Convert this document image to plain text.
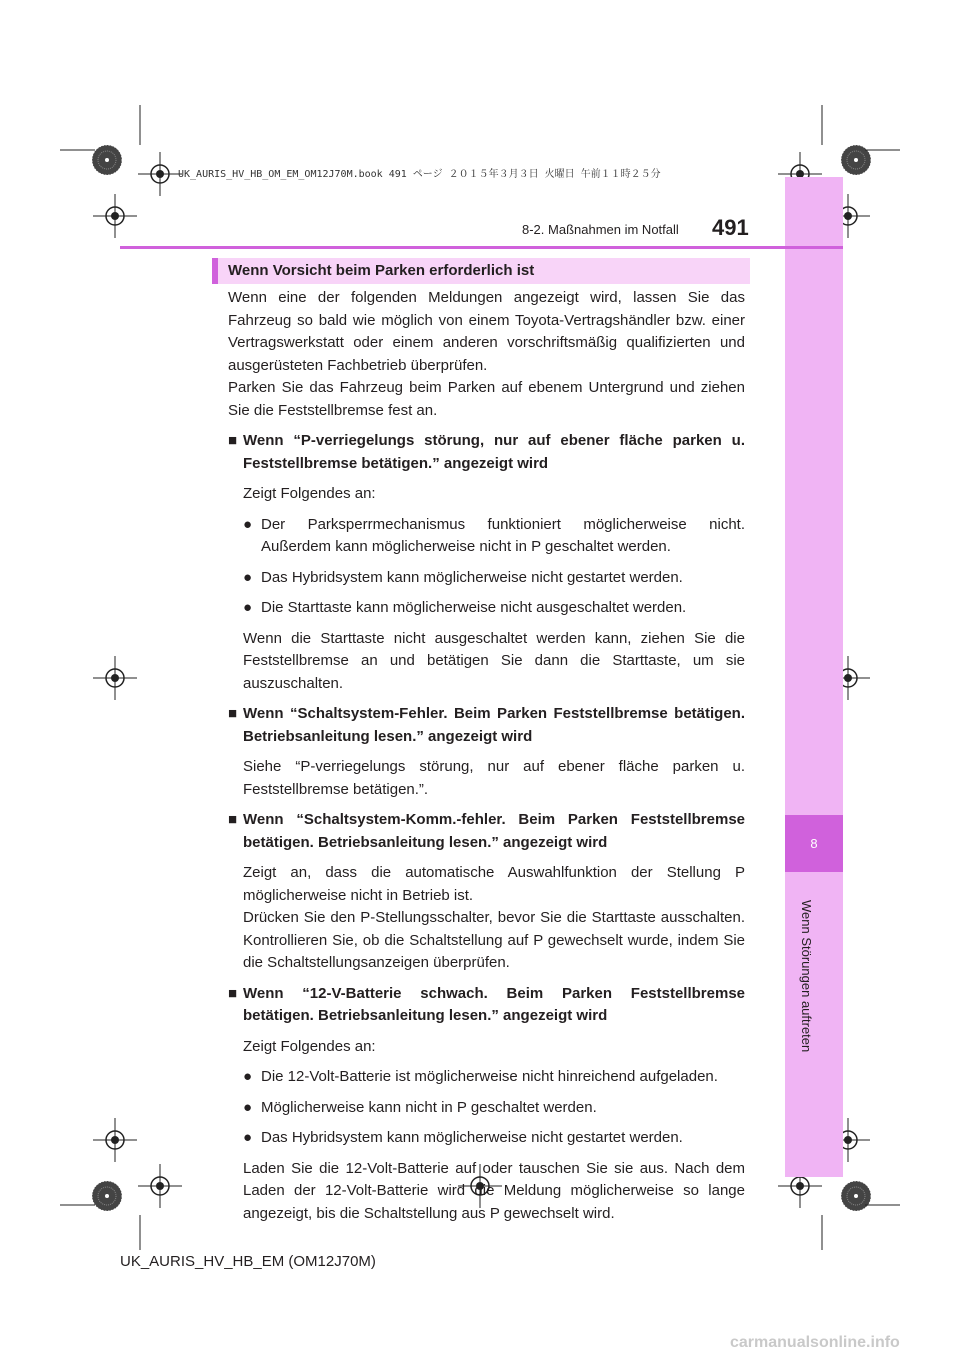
UK_AURIS_HV_HB_OM_EM_OM12J70M.book 491 ページ ２０１５年３月３日 火曜日 午前１１時２５分
8
Wenn Störungen auftreten
8-2. Maßnahmen im Notfall 491
Wenn Vorsicht beim Parken erforderlich ist

Wenn eine der folgenden Meldungen angezeigt wird, lassen Sie das Fahrzeug so bald wie möglich von einem Toyota-Vertragshändler bzw. einer Vertragswerkstatt oder einem anderen vorschriftsmäßig qualifizierten und ausgerüsteten Fachbetrieb überprüfen.

Parken Sie das Fahrzeug beim Parken auf ebenem Untergrund und ziehen Sie die Feststellbremse fest an.

■ Wenn “P-verriegelungs störung, nur auf ebener fläche parken u. Feststellbremse betätigen.” angezeigt wird

Zeigt Folgendes an:

● Der Parksperrmechanismus funktioniert möglicherweise nicht. Außerdem kann möglicherweise nicht in P geschaltet werden.

● Das Hybridsystem kann möglicherweise nicht gestartet werden.

● Die Starttaste kann möglicherweise nicht ausgeschaltet werden.

Wenn die Starttaste nicht ausgeschaltet werden kann, ziehen Sie die Feststellbremse an und betätigen Sie dann die Starttaste, um sie auszuschalten.

■ Wenn “Schaltsystem-Fehler. Beim Parken Feststellbremse betätigen. Betriebsanleitung lesen.” angezeigt wird

Siehe “P-verriegelungs störung, nur auf ebener fläche parken u. Feststellbremse betätigen.”.

■ Wenn “Schaltsystem-Komm.-fehler. Beim Parken Feststellbremse betätigen. Betriebsanleitung lesen.” angezeigt wird

Zeigt an, dass die automatische Auswahlfunktion der Stellung P möglicherweise nicht in Betrieb ist.

Drücken Sie den P-Stellungsschalter, bevor Sie die Starttaste ausschalten. Kontrollieren Sie, ob die Schaltstellung auf P gewechselt wurde, indem Sie die Schaltstellungsanzeigen überprüfen.

■ Wenn “12-V-Batterie schwach. Beim Parken Feststellbremse betätigen. Betriebsanleitung lesen.” angezeigt wird

Zeigt Folgendes an:

● Die 12-Volt-Batterie ist möglicherweise nicht hinreichend aufgeladen.

● Möglicherweise kann nicht in P geschaltet werden.

● Das Hybridsystem kann möglicherweise nicht gestartet werden.

Laden Sie die 12-Volt-Batterie auf oder tauschen Sie sie aus. Nach dem Laden der 12-Volt-Batterie wird die Meldung möglicherweise so lange angezeigt, bis die Schaltstellung aus P gewechselt wird.

UK_AURIS_HV_HB_EM (OM12J70M)
carmanualsonline.info
